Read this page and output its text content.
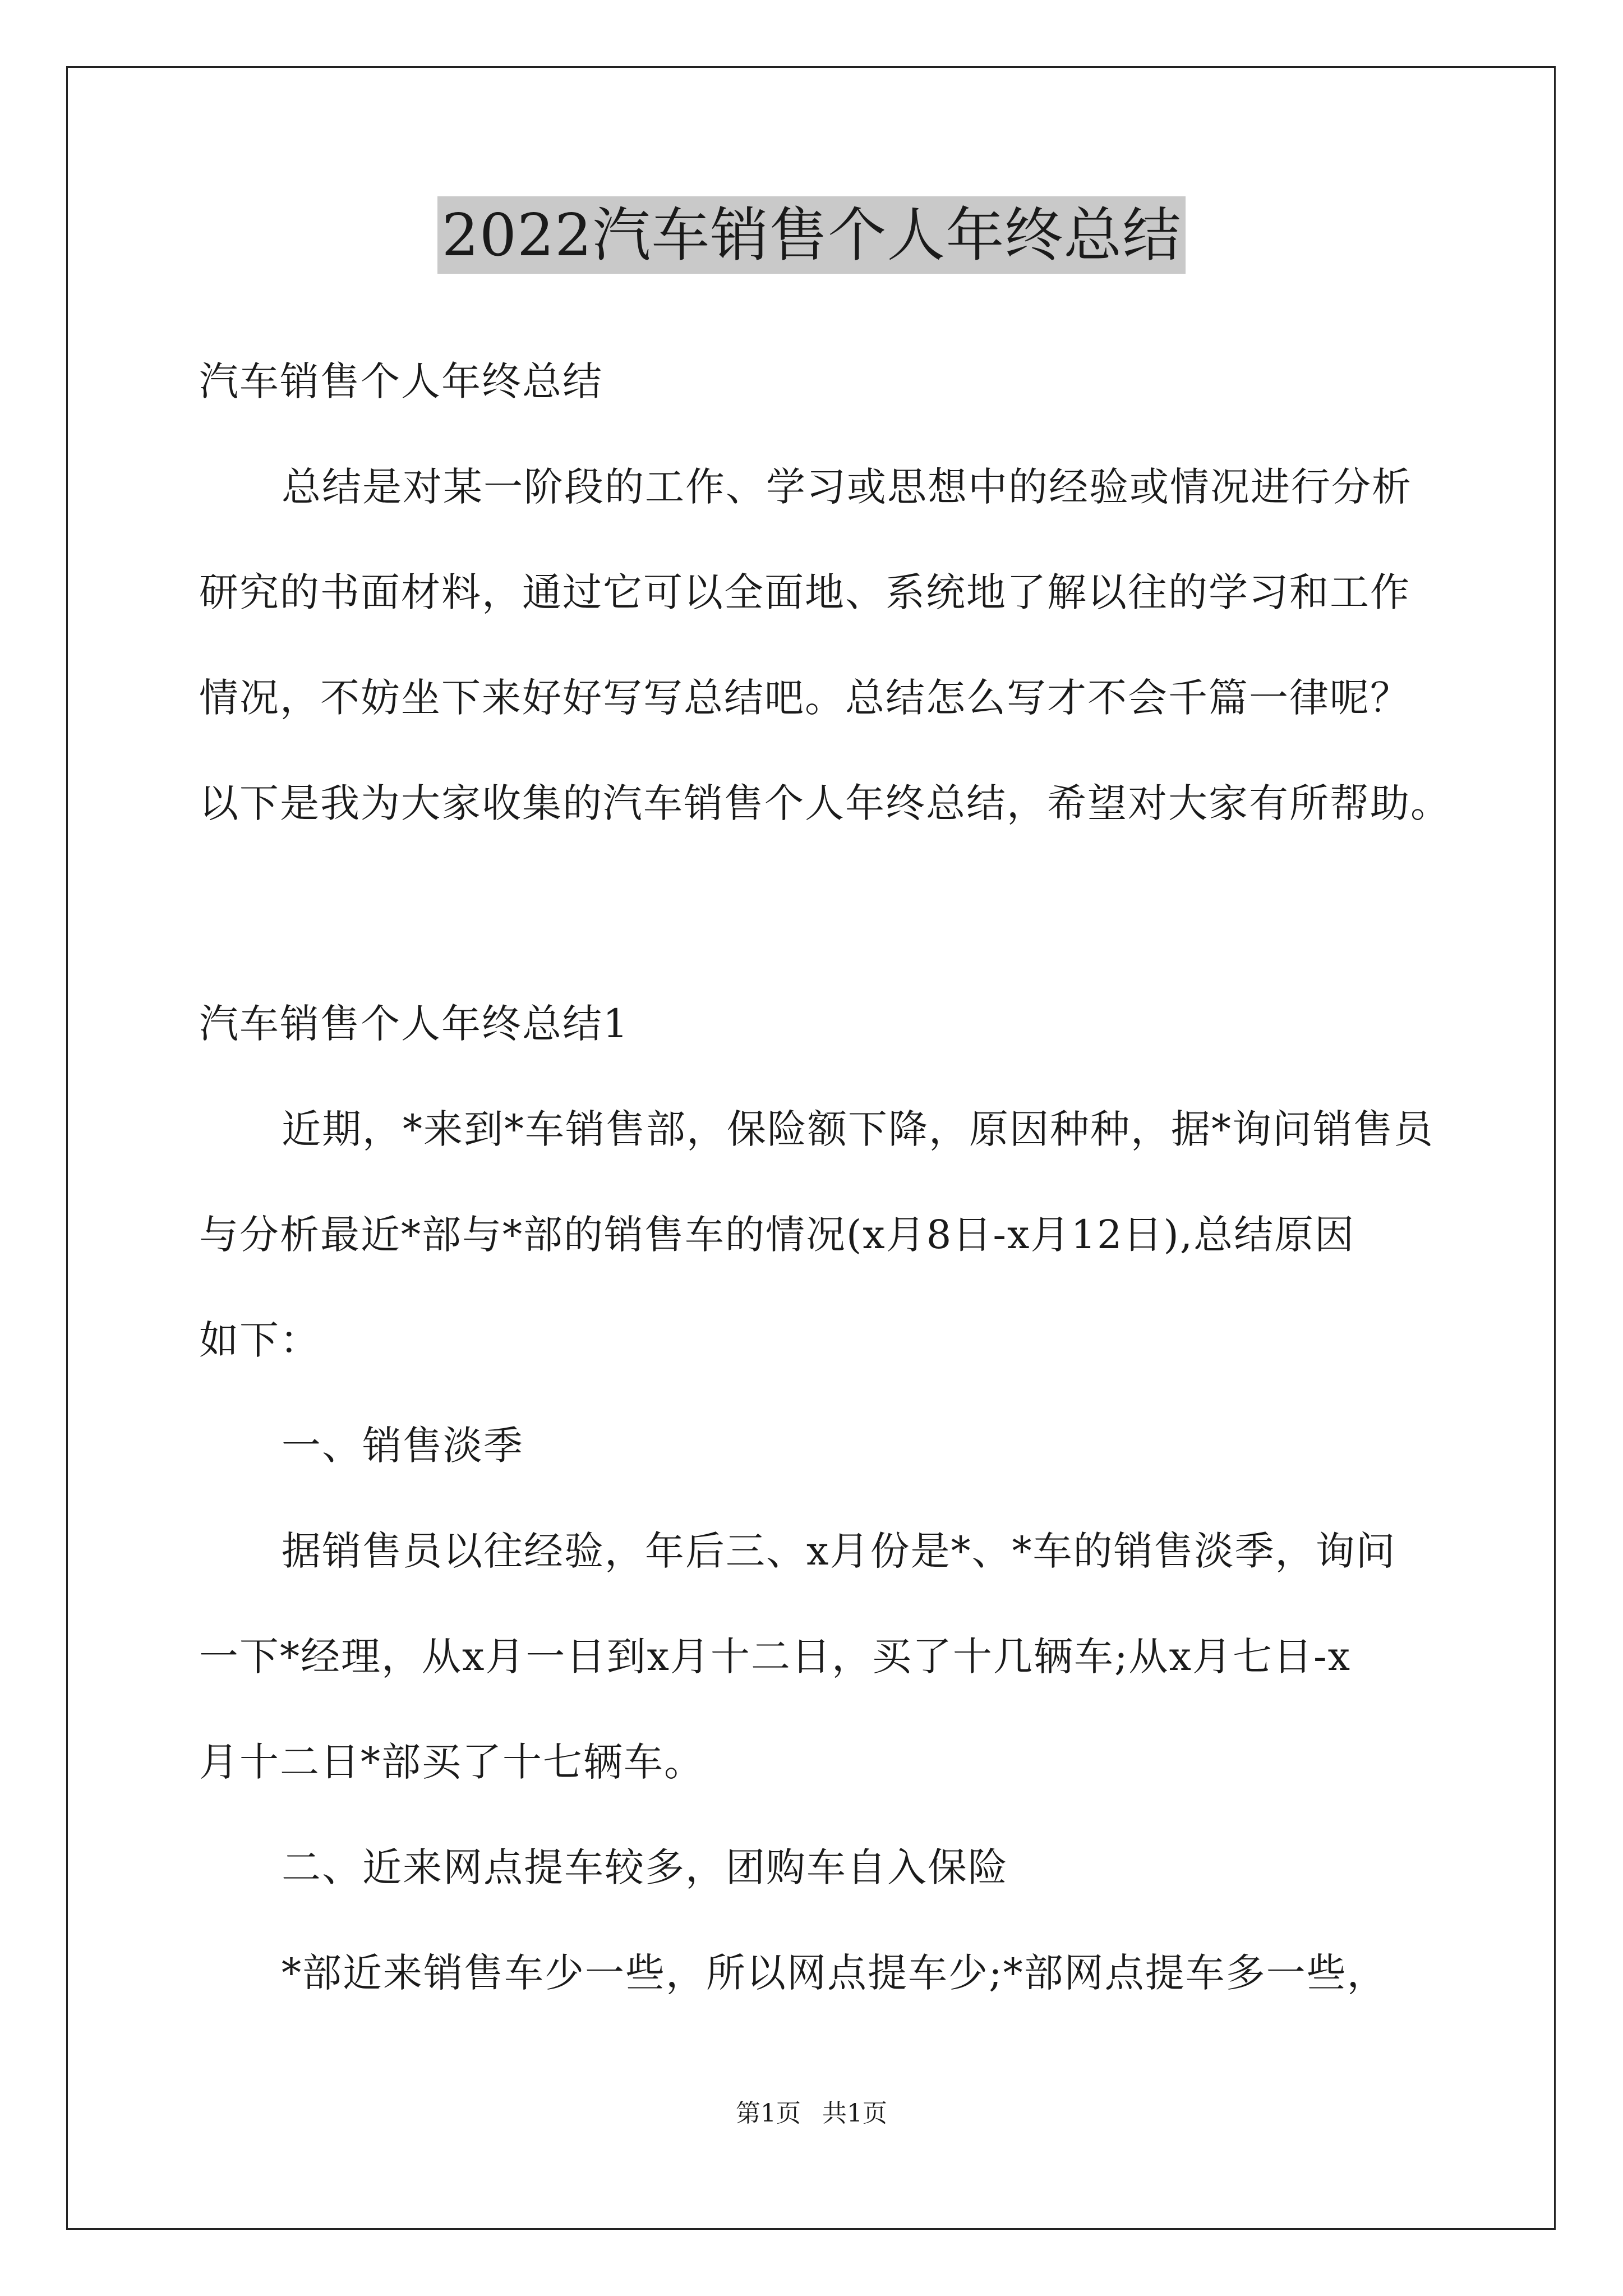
2022汽车销售个人年终总结
汽车销售个人年终总结
总结是对某一阶段的工作、学习或思想中的经验或情况进行分析
研究的书面材料，通过它可以全面地、系统地了解以往的学习和工作
情况，不妨坐下来好好写写总结吧。总结怎么写才不会千篇一律呢？
以下是我为大家收集的汽车销售个人年终总结，希望对大家有所帮助。
汽车销售个人年终总结1
近期，*来到*车销售部，保险额下降，原因种种，据*询问销售员
与分析最近*部与*部的销售车的情况(x月8日-x月12日),总结原因
如下：
一、销售淡季
据销售员以往经验，年后三、x月份是*、*车的销售淡季，询问
一下*经理，从x月一日到x月十二日，买了十几辆车;从x月七日-x
月十二日*部买了十七辆车。
二、近来网点提车较多，团购车自入保险
*部近来销售车少一些，所以网点提车少;*部网点提车多一些，
第1页 共1页
